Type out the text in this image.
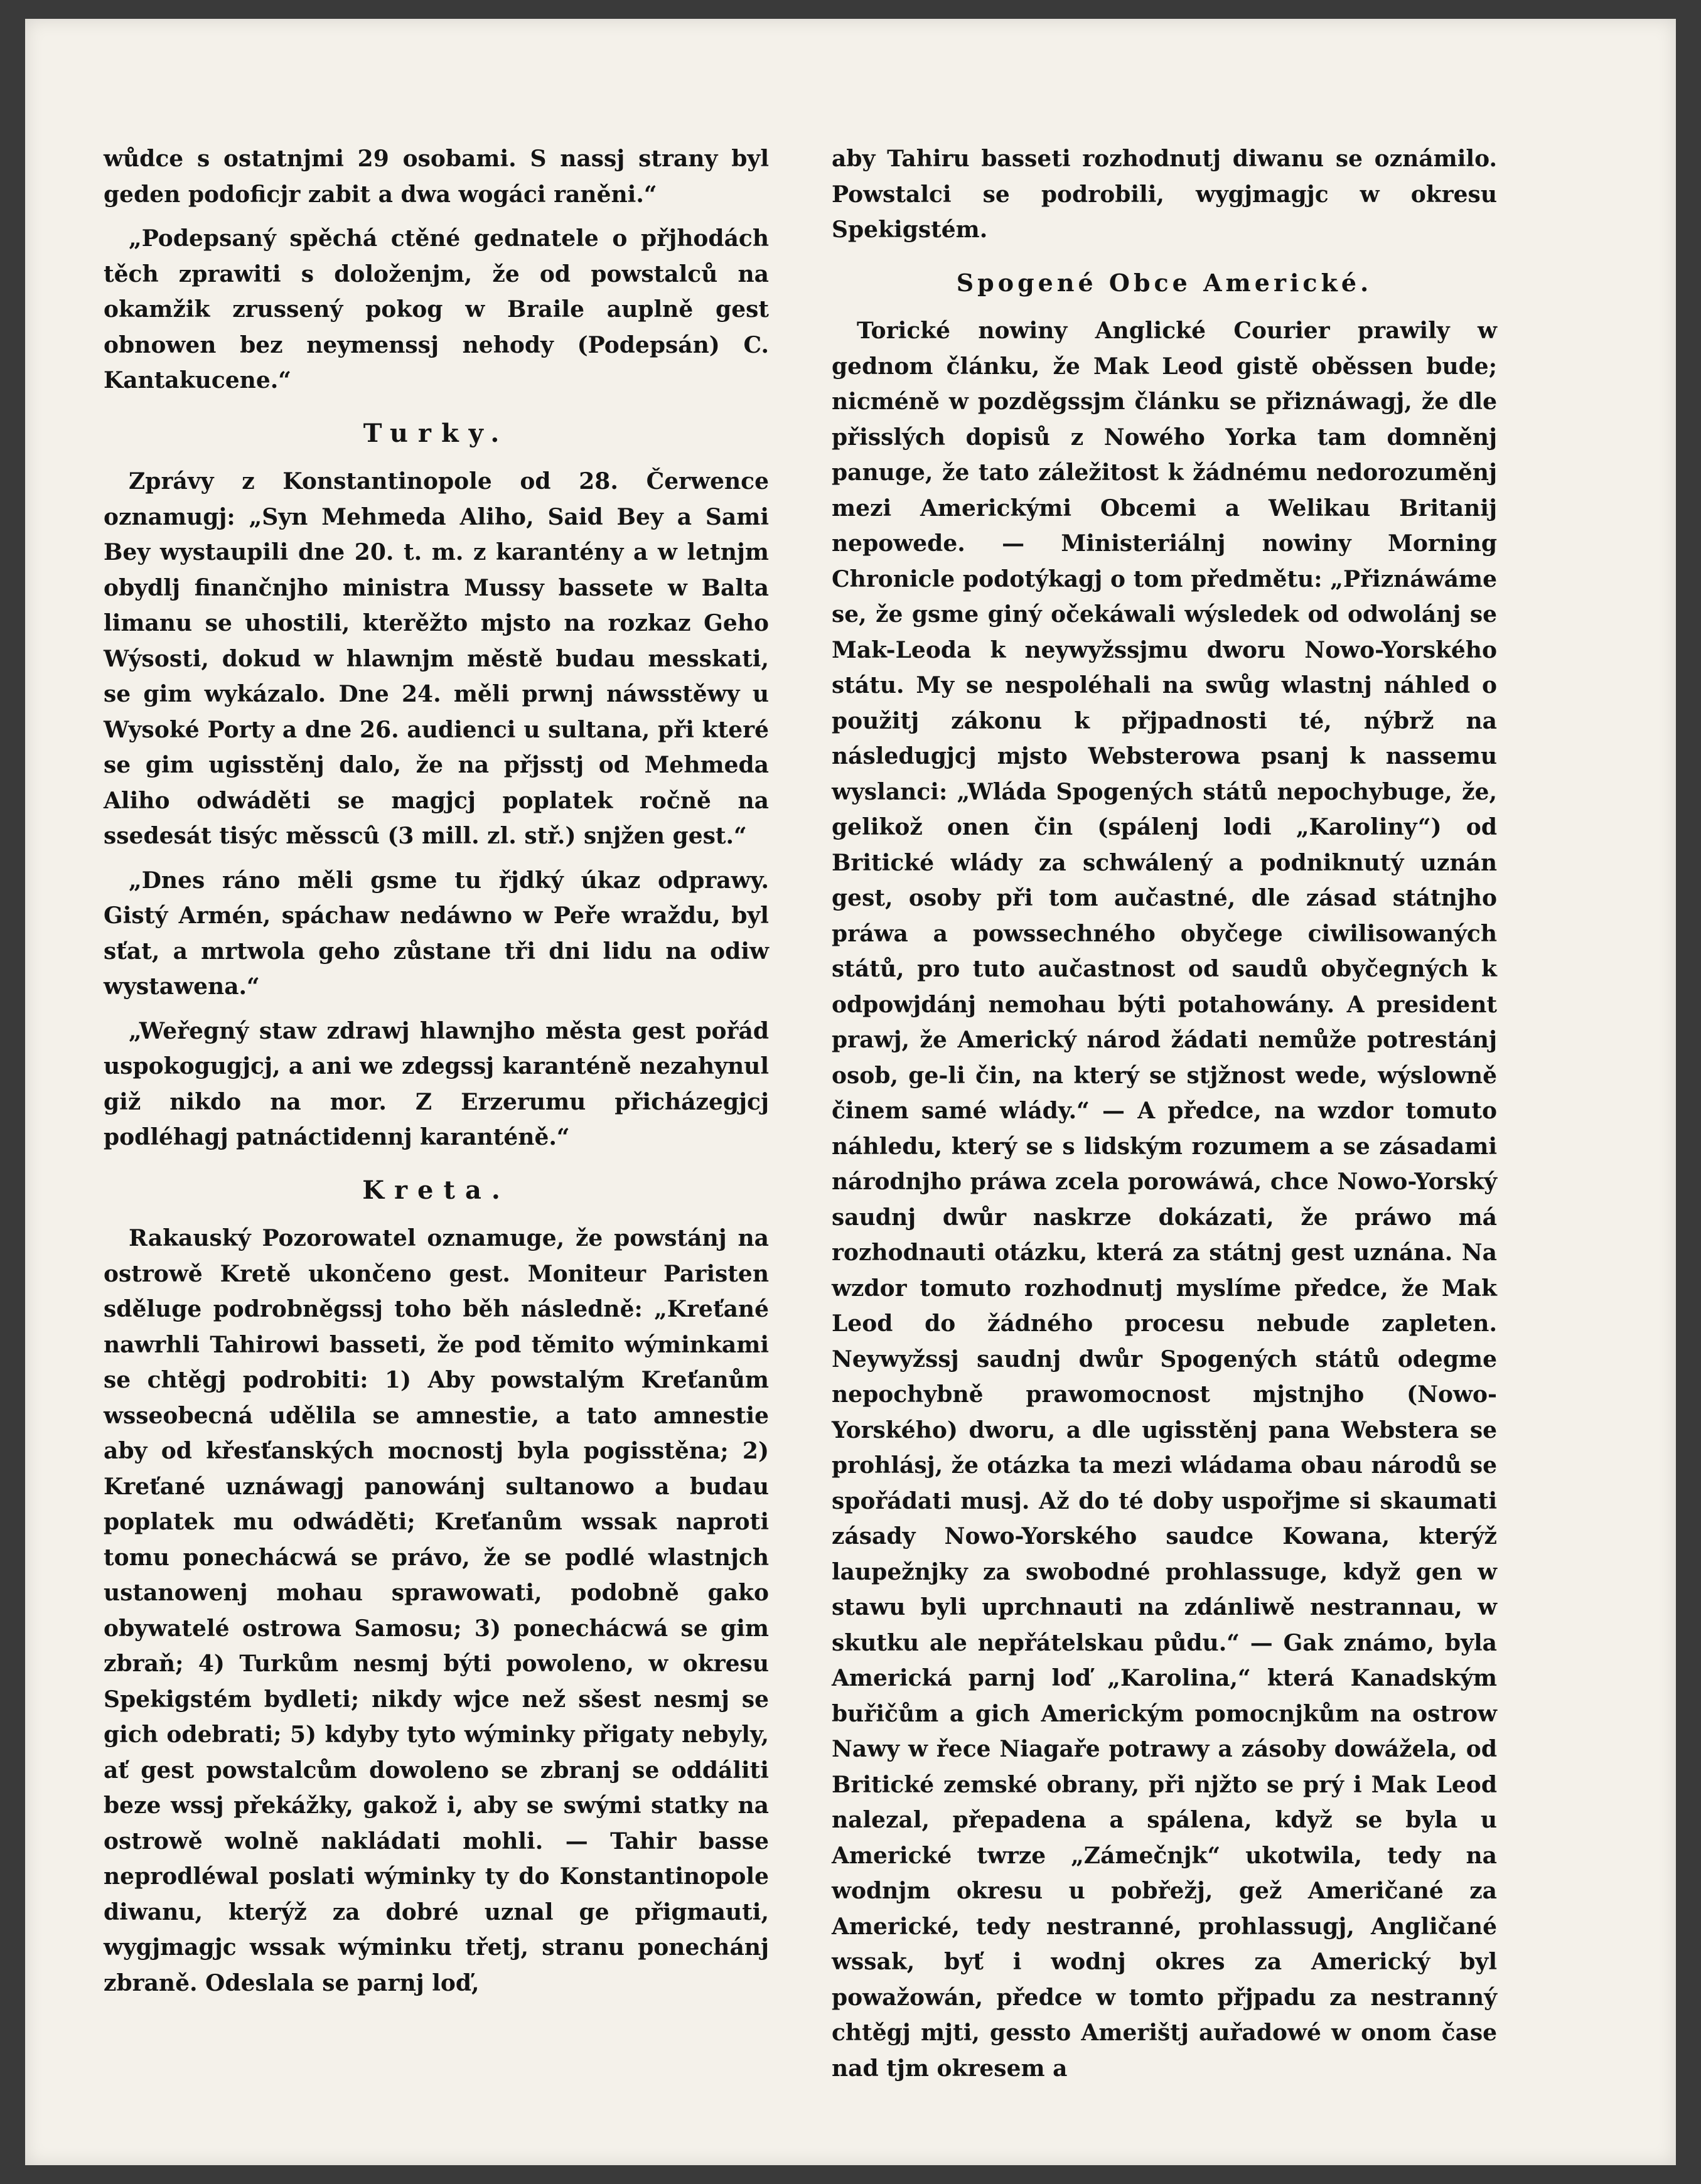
wůdce s ostatnjmi 29 osobami. S nassj strany byl geden podoficjr zabit a dwa wogáci raněni.“

„Podepsaný spěchá ctěné gednatele o přjhodách těch zprawiti s doloženjm, že od powstalců na okamžik zrussený pokog w Braile auplně gest obnowen bez neymenssj nehody (Podepsán) C. Kantakucene.“

Turky.

Zprávy z Konstantinopole od 28. Čerwence oznamugj: „Syn Mehmeda Aliho, Said Bey a Sami Bey wystaupili dne 20. t. m. z karantény a w letnjm obydlj finančnjho ministra Mussy bassete w Balta limanu se uhostili, kterěžto mjsto na rozkaz Geho Wýsosti, dokud w hlawnjm městě budau messkati, se gim wykázalo. Dne 24. měli prwnj náwsstěwy u Wysoké Porty a dne 26. audienci u sultana, při které se gim ugisstěnj dalo, že na přjsstj od Mehmeda Aliho odwáděti se magjcj poplatek ročně na ssedesát tisýc měsscû (3 mill. zl. stř.) snjžen gest.“

„Dnes ráno měli gsme tu řjdký úkaz odprawy. Gistý Armén, spáchaw nedáwno w Peře wraždu, byl sťat, a mrtwola geho zůstane tři dni lidu na odiw wystawena.“

„Weřegný staw zdrawj hlawnjho města gest pořád uspokogugjcj, a ani we zdegssj karanténě nezahynul giž nikdo na mor. Z Erzerumu přicházegjcj podléhagj patnáctidennj karanténě.“

Kreta.

Rakauský Pozorowatel oznamuge, že powstánj na ostrowě Kretě ukončeno gest. Moniteur Paristen sděluge podrobněgssj toho běh následně: „Kreťané nawrhli Tahirowi basseti, že pod těmito wýminkami se chtěgj podrobiti: 1) Aby powstalým Kreťanům wsseobecná udělila se amnestie, a tato amnestie aby od křesťanských mocnostj byla pogisstěna; 2) Kreťané uznáwagj panowánj sultanowo a budau poplatek mu odwáděti; Kreťanům wssak naproti tomu ponechácwá se právo, že se podlé wlastnjch ustanowenj mohau sprawowati, podobně gako obywatelé ostrowa Samosu; 3) ponechácwá se gim zbraň; 4) Turkům nesmj býti powoleno, w okresu Spekigstém bydleti; nikdy wjce než sšest nesmj se gich odebrati; 5) kdyby tyto wýminky přigaty nebyly, ať gest powstalcům dowoleno se zbranj se oddáliti beze wssj překážky, gakož i, aby se swými statky na ostrowě wolně nakládati mohli. — Tahir basse neprodléwal poslati wýminky ty do Konstantinopole diwanu, kterýž za dobré uznal ge přigmauti, wygjmagjc wssak wýminku třetj, stranu ponechánj zbraně. Odeslala se parnj loď,

aby Tahiru basseti rozhodnutj diwanu se oznámilo. Powstalci se podrobili, wygjmagjc w okresu Spekigstém.

Spogené Obce Americké.

Torické nowiny Anglické Courier prawily w gednom článku, že Mak Leod gistě oběssen bude; nicméně w pozděgssjm článku se přiznáwagj, že dle přisslých dopisů z Nowého Yorka tam domněnj panuge, že tato záležitost k žádnému nedorozuměnj mezi Americkými Obcemi a Welikau Britanij nepowede. — Ministeriálnj nowiny Morning Chronicle podotýkagj o tom předmětu: „Přiznáwáme se, že gsme giný očekáwali wýsledek od odwolánj se Mak-Leoda k neywyžssjmu dworu Nowo-Yorského státu. My se nespoléhali na swůg wlastnj náhled o použitj zákonu k přjpadnosti té, nýbrž na následugjcj mjsto Websterowa psanj k nassemu wyslanci: „Wláda Spogených států nepochybuge, že, gelikož onen čin (spálenj lodi „Karoliny“) od Britické wlády za schwálený a podniknutý uznán gest, osoby při tom aučastné, dle zásad státnjho práwa a powssechného obyčege ciwilisowaných států, pro tuto aučastnost od saudů obyčegných k odpowjdánj nemohau býti potahowány. A president prawj, že Americký národ žádati nemůže potrestánj osob, ge-li čin, na který se stjžnost wede, wýslowně činem samé wlády.“ — A předce, na wzdor tomuto náhledu, který se s lidským rozumem a se zásadami národnjho práwa zcela porowáwá, chce Nowo-Yorský saudnj dwůr naskrze dokázati, že práwo má rozhodnauti otázku, která za státnj gest uznána. Na wzdor tomuto rozhodnutj myslíme předce, že Mak Leod do žádného procesu nebude zapleten. Neywyžssj saudnj dwůr Spogených států odegme nepochybně prawomocnost mjstnjho (Nowo-Yorského) dworu, a dle ugisstěnj pana Webstera se prohlásj, že otázka ta mezi wládama obau národů se spořádati musj. Až do té doby uspořjme si skaumati zásady Nowo-Yorského saudce Kowana, kterýž laupežnjky za swobodné prohlassuge, když gen w stawu byli uprchnauti na zdánliwě nestrannau, w skutku ale nepřátelskau půdu.“ — Gak známo, byla Americká parnj loď „Karolina,“ která Kanadským buřičům a gich Americkým pomocnjkům na ostrow Nawy w řece Niagaře potrawy a zásoby dowážela, od Britické zemské obrany, při njžto se prý i Mak Leod nalezal, přepadena a spálena, když se byla u Americké twrze „Zámečnjk“ ukotwila, tedy na wodnjm okresu u pobřežj, gež Američané za Americké, tedy nestranné, prohlassugj, Angličané wssak, byť i wodnj okres za Americký byl powažowán, předce w tomto přjpadu za nestranný chtěgj mjti, gessto Amerištj auřadowé w onom čase nad tjm okresem a
